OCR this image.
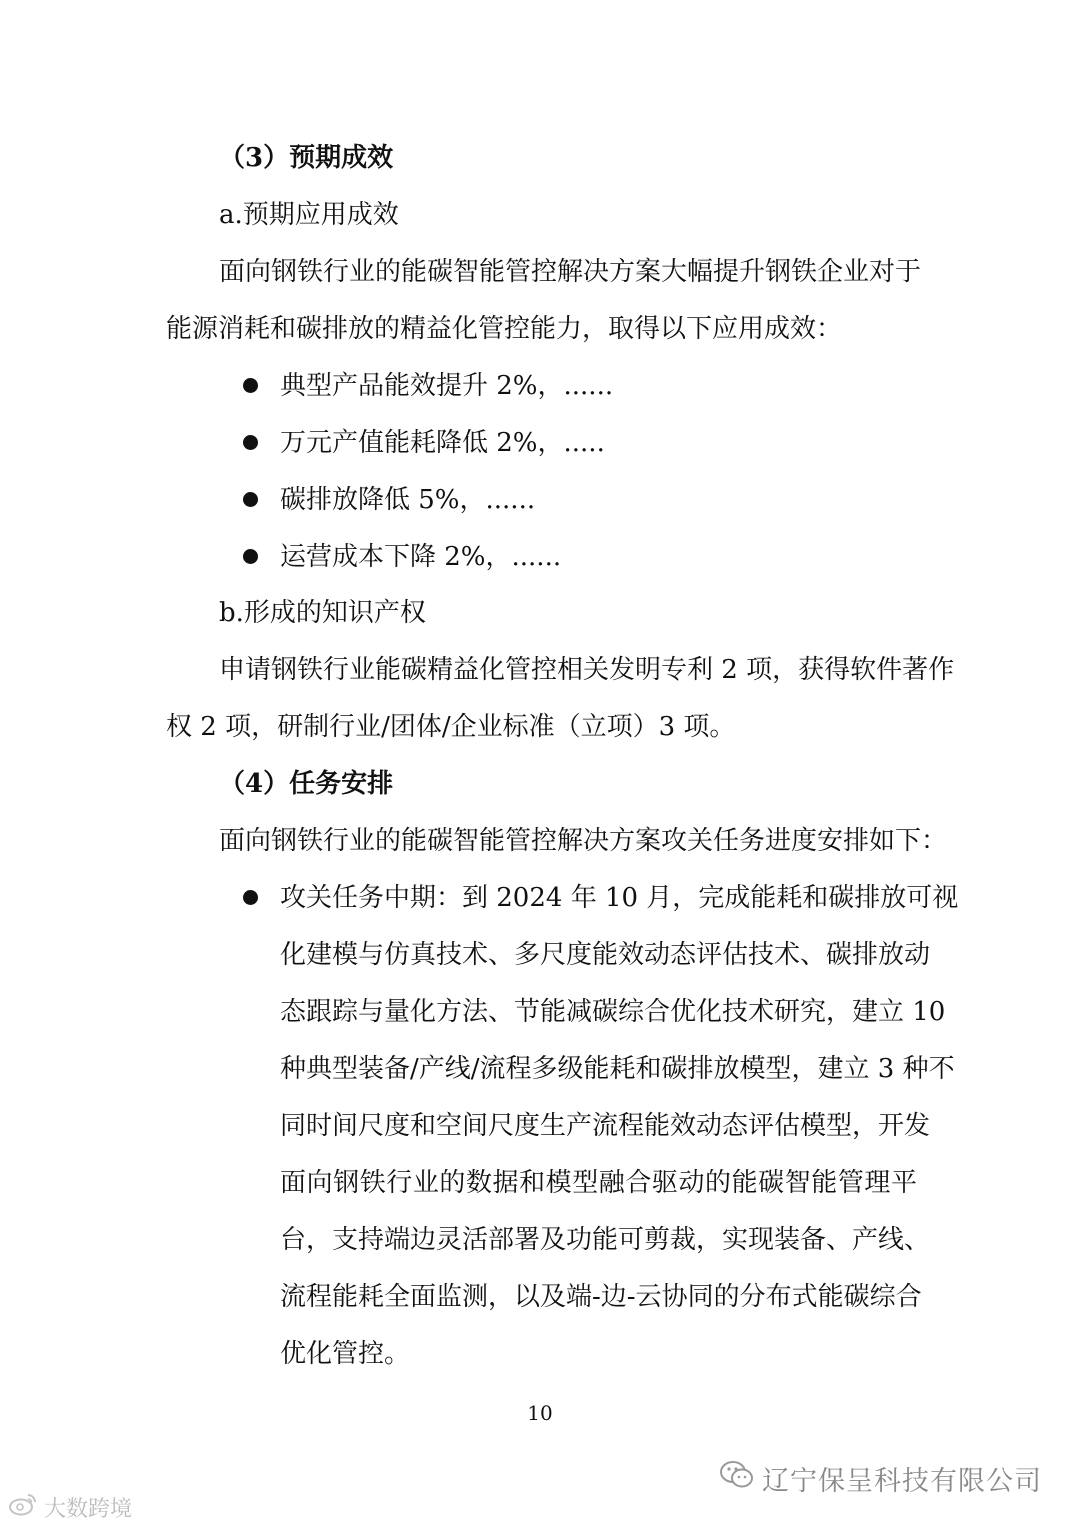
（3）预期成效
a.预期应用成效
面向钢铁行业的能碳智能管控解决方案大幅提升钢铁企业对于
能源消耗和碳排放的精益化管控能力，取得以下应用成效：
典型产品能效提升 2%，......
万元产值能耗降低 2%，.....
碳排放降低 5%，......
运营成本下降 2%，......
b.形成的知识产权
申请钢铁行业能碳精益化管控相关发明专利 2 项，获得软件著作
权 2 项，研制行业/团体/企业标准（立项）3 项。
（4）任务安排
面向钢铁行业的能碳智能管控解决方案攻关任务进度安排如下：
攻关任务中期：到 2024 年 10 月，完成能耗和碳排放可视
化建模与仿真技术、多尺度能效动态评估技术、碳排放动
态跟踪与量化方法、节能减碳综合优化技术研究，建立 10
种典型装备/产线/流程多级能耗和碳排放模型，建立 3 种不
同时间尺度和空间尺度生产流程能效动态评估模型，开发
面向钢铁行业的数据和模型融合驱动的能碳智能管理平
台，支持端边灵活部署及功能可剪裁，实现装备、产线、
流程能耗全面监测，以及端-边-云协同的分布式能碳综合
优化管控。
10
辽宁保呈科技有限公司
大数跨境
